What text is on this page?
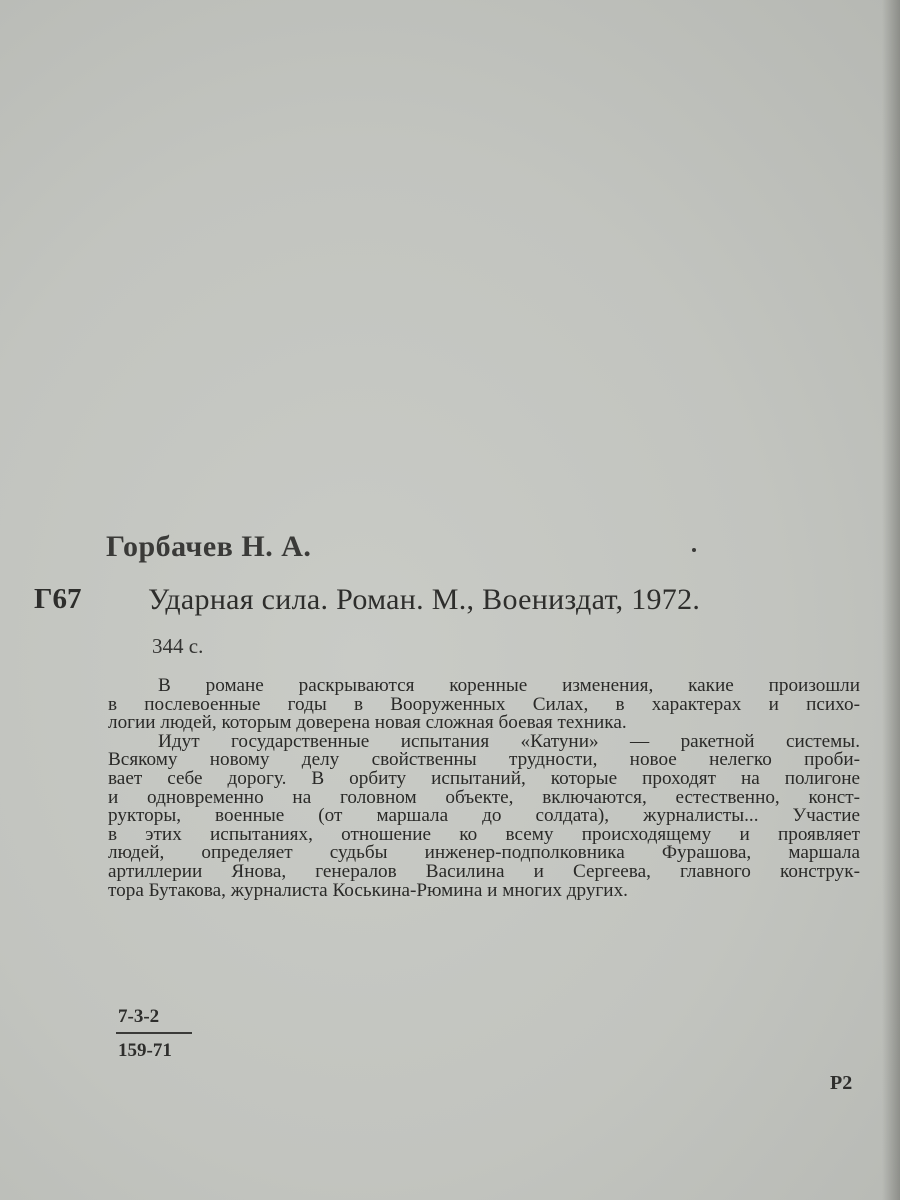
Горбачев Н. А.
Г67 Ударная сила. Роман. М., Воениздат, 1972.
344 с.
В романе раскрываются коренные изменения, какие произошли
в послевоенные годы в Вооруженных Силах, в характерах и психо-
логии людей, которым доверена новая сложная боевая техника.
Идут государственные испытания «Катуни» — ракетной системы.
Всякому новому делу свойственны трудности, новое нелегко проби-
вает себе дорогу. В орбиту испытаний, которые проходят на полигоне
и одновременно на головном объекте, включаются, естественно, конст-
рукторы, военные (от маршала до солдата), журналисты... Участие
в этих испытаниях, отношение ко всему происходящему и проявляет
людей, определяет судьбы инженер-подполковника Фурашова, маршала
артиллерии Янова, генералов Василина и Сергеева, главного конструк-
тора Бутакова, журналиста Коськина-Рюмина и многих других.
7-3-2
159-71
Р2
